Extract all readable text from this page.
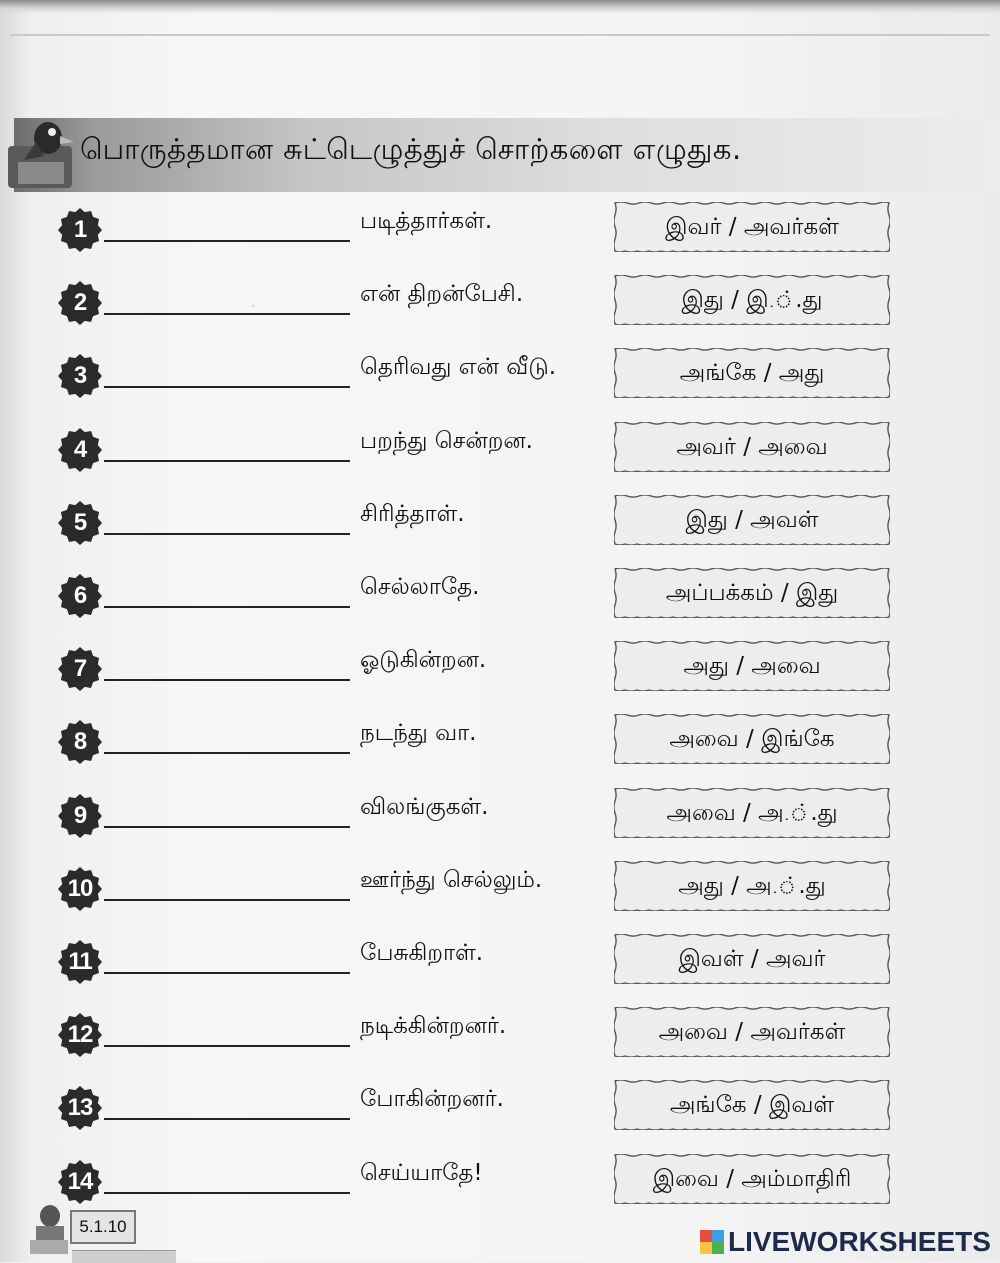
.
பொருத்தமான சுட்டெழுத்துச் சொற்களை எழுதுக.
1	படித்தார்கள்.	இவர் / அவர்கள்
2	என் திறன்பேசி.	இது / இ.்.து
3	தெரிவது என் வீடு.	அங்கே / அது
4	பறந்து சென்றன.	அவர் / அவை
5	சிரித்தாள்.	இது / அவள்
6	செல்லாதே.	அப்பக்கம் / இது
7	ஓடுகின்றன.	அது / அவை
8	நடந்து வா.	அவை / இங்கே
9	விலங்குகள்.	அவை / அ.்.து
10	ஊர்ந்து செல்லும்.	அது / அ.்.து
11	பேசுகிறாள்.	இவள் / அவர்
12	நடிக்கின்றனர்.	அவை / அவர்கள்
13	போகின்றனர்.	அங்கே / இவள்
14	செய்யாதே!	இவை / அம்மாதிரி
5.1.10	LIVEWORKSHEETS
